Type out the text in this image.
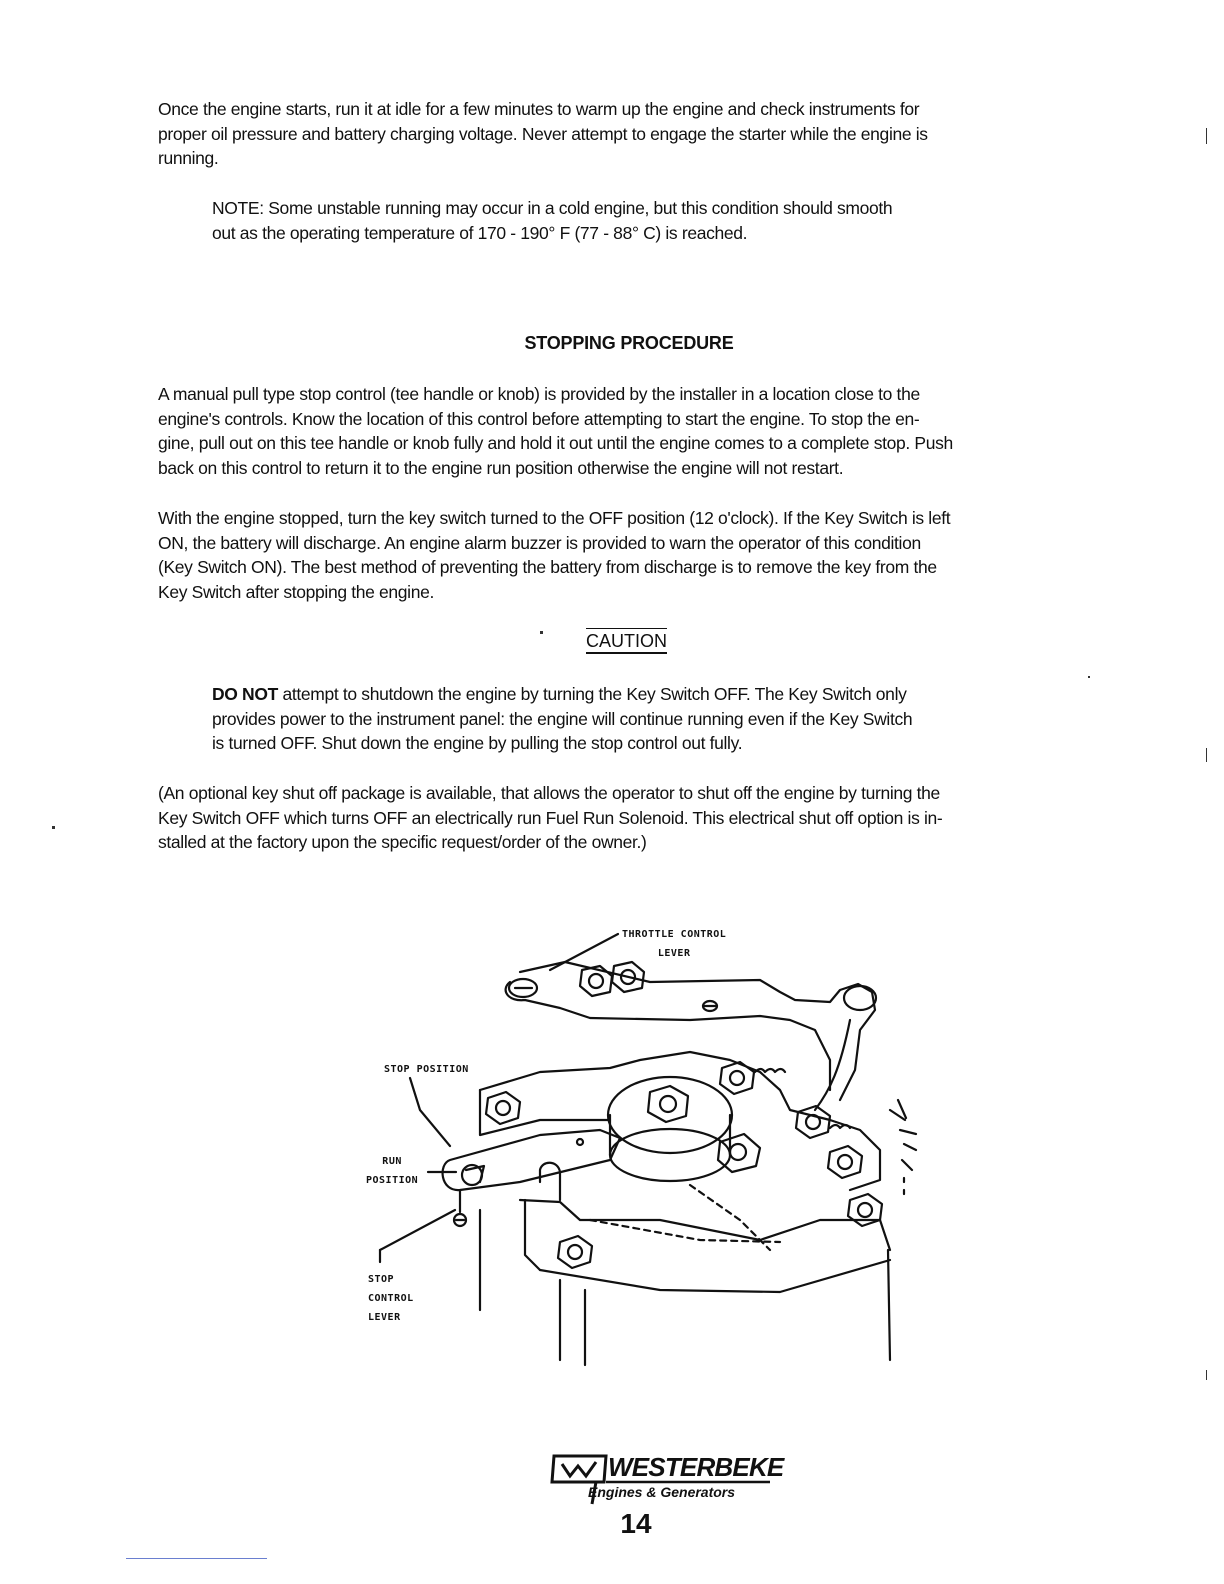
Once the engine starts, run it at idle for a few minutes to warm up the engine and check instruments for
proper oil pressure and battery charging voltage. Never attempt to engage the starter while the engine is
running.
NOTE: Some unstable running may occur in a cold engine, but this condition should smooth
out as the operating temperature of 170 - 190° F (77 - 88° C) is reached.
STOPPING PROCEDURE
A manual pull type stop control (tee handle or knob) is provided by the installer in a location close to the
engine's controls. Know the location of this control before attempting to start the engine. To stop the en-
gine, pull out on this tee handle or knob fully and hold it out until the engine comes to a complete stop. Push
back on this control to return it to the engine run position otherwise the engine will not restart.
With the engine stopped, turn the key switch turned to the OFF position (12 o'clock). If the Key Switch is left
ON, the battery will discharge. An engine alarm buzzer is provided to warn the operator of this condition
(Key Switch ON). The best method of preventing the battery from discharge is to remove the key from the
Key Switch after stopping the engine.
CAUTION
DO NOT attempt to shutdown the engine by turning the Key Switch OFF. The Key Switch only
provides power to the instrument panel: the engine will continue running even if the Key Switch
is turned OFF. Shut down the engine by pulling the stop control out fully.
(An optional key shut off package is available, that allows the operator to shut off the engine by turning the
Key Switch OFF which turns OFF an electrically run Fuel Run Solenoid. This electrical shut off option is in-
stalled at the factory upon the specific request/order of the owner.)
THROTTLE CONTROL
LEVER
STOP POSITION
RUN
POSITION
STOP
CONTROL
LEVER
WESTERBEKE
Engines & Generators
14
